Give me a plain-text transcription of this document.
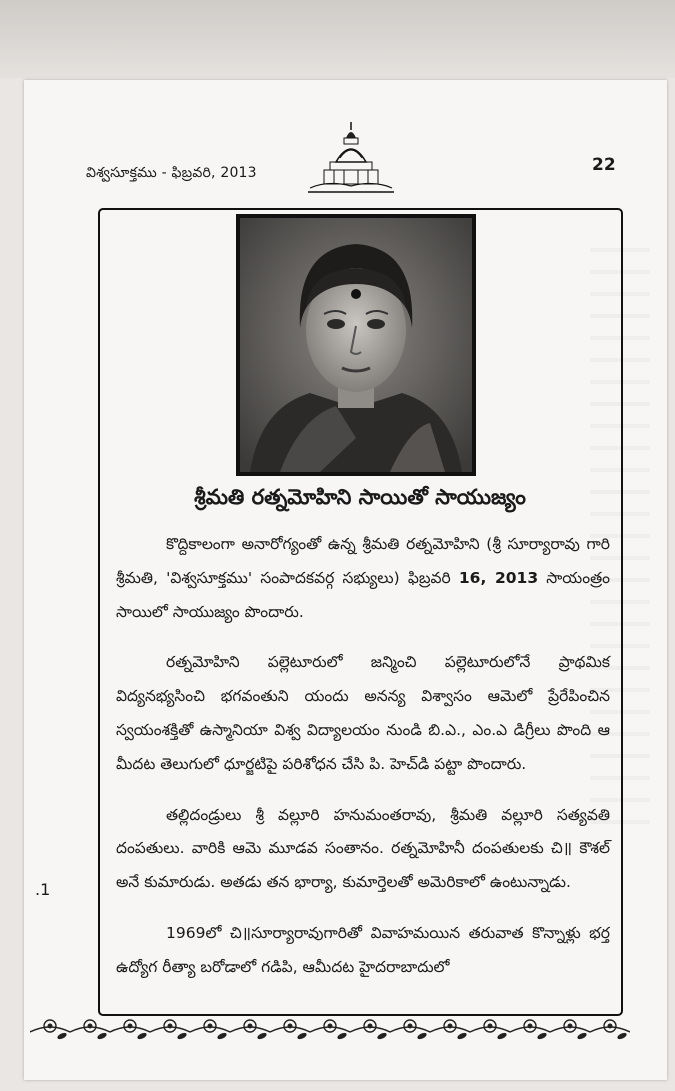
విశ్వసూక్తము - ఫిబ్రవరి, 2013	22
శ్రీమతి రత్నమోహిని సాయితో సాయుజ్యం

కొద్దికాలంగా అనారోగ్యంతో ఉన్న శ్రీమతి రత్నమోహిని (శ్రీ సూర్యారావు గారి శ్రీమతి, 'విశ్వసూక్తము' సంపాదకవర్గ సభ్యులు) ఫిబ్రవరి 16, 2013 సాయంత్రం సాయిలో సాయుజ్యం పొందారు.

రత్నమోహిని పల్లెటూరులో జన్మించి పల్లెటూరులోనే ప్రాథమిక విద్యనభ్యసించి భగవంతుని యందు అనన్య విశ్వాసం ఆమెలో ప్రేరేపించిన స్వయంశక్తితో ఉస్మానియా విశ్వ విద్యాలయం నుండి బి.ఎ., ఎం.ఎ డిగ్రీలు పొంది ఆ మీదట తెలుగులో ధూర్జటిపై పరిశోధన చేసి పి. హెచ్‌డి పట్టా పొందారు.

తల్లిదండ్రులు శ్రీ వల్లూరి హనుమంతరావు, శ్రీమతి వల్లూరి సత్యవతి దంపతులు. వారికి ఆమె మూడవ సంతానం. రత్నమోహినీ దంపతులకు చి॥ కౌశల్ అనే కుమారుడు. అతడు తన భార్యా, కుమార్తెలతో అమెరికాలో ఉంటున్నాడు.

1969లో చి॥సూర్యారావుగారితో వివాహమయిన తరువాత కొన్నాళ్లు భర్త ఉద్యోగ రీత్యా బరోడాలో గడిపి, ఆమీదట హైదరాబాదులో

.1
